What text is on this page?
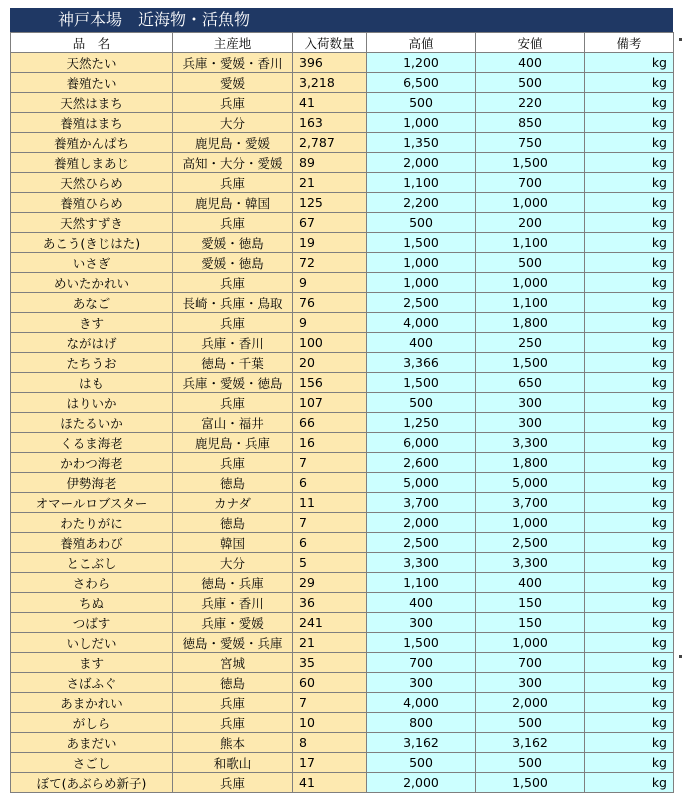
神戸本場　近海物・活魚物
品　名	主産地	入荷数量	高値	安値	備考
天然たい	兵庫・愛媛・香川	396	1,200	400	kg
養殖たい	愛媛	3,218	6,500	500	kg
天然はまち	兵庫	41	500	220	kg
養殖はまち	大分	163	1,000	850	kg
養殖かんぱち	鹿児島・愛媛	2,787	1,350	750	kg
養殖しまあじ	高知・大分・愛媛	89	2,000	1,500	kg
天然ひらめ	兵庫	21	1,100	700	kg
養殖ひらめ	鹿児島・韓国	125	2,200	1,000	kg
天然すずき	兵庫	67	500	200	kg
あこう(きじはた)	愛媛・徳島	19	1,500	1,100	kg
いさぎ	愛媛・徳島	72	1,000	500	kg
めいたかれい	兵庫	9	1,000	1,000	kg
あなご	長崎・兵庫・鳥取	76	2,500	1,100	kg
きす	兵庫	9	4,000	1,800	kg
ながはげ	兵庫・香川	100	400	250	kg
たちうお	徳島・千葉	20	3,366	1,500	kg
はも	兵庫・愛媛・徳島	156	1,500	650	kg
はりいか	兵庫	107	500	300	kg
ほたるいか	富山・福井	66	1,250	300	kg
くるま海老	鹿児島・兵庫	16	6,000	3,300	kg
かわつ海老	兵庫	7	2,600	1,800	kg
伊勢海老	徳島	6	5,000	5,000	kg
オマールロブスター	カナダ	11	3,700	3,700	kg
わたりがに	徳島	7	2,000	1,000	kg
養殖あわび	韓国	6	2,500	2,500	kg
とこぶし	大分	5	3,300	3,300	kg
さわら	徳島・兵庫	29	1,100	400	kg
ちぬ	兵庫・香川	36	400	150	kg
つばす	兵庫・愛媛	241	300	150	kg
いしだい	徳島・愛媛・兵庫	21	1,500	1,000	kg
ます	宮城	35	700	700	kg
さばふぐ	徳島	60	300	300	kg
あまかれい	兵庫	7	4,000	2,000	kg
がしら	兵庫	10	800	500	kg
あまだい	熊本	8	3,162	3,162	kg
さごし	和歌山	17	500	500	kg
ぼて(あぶらめ新子)	兵庫	41	2,000	1,500	kg
